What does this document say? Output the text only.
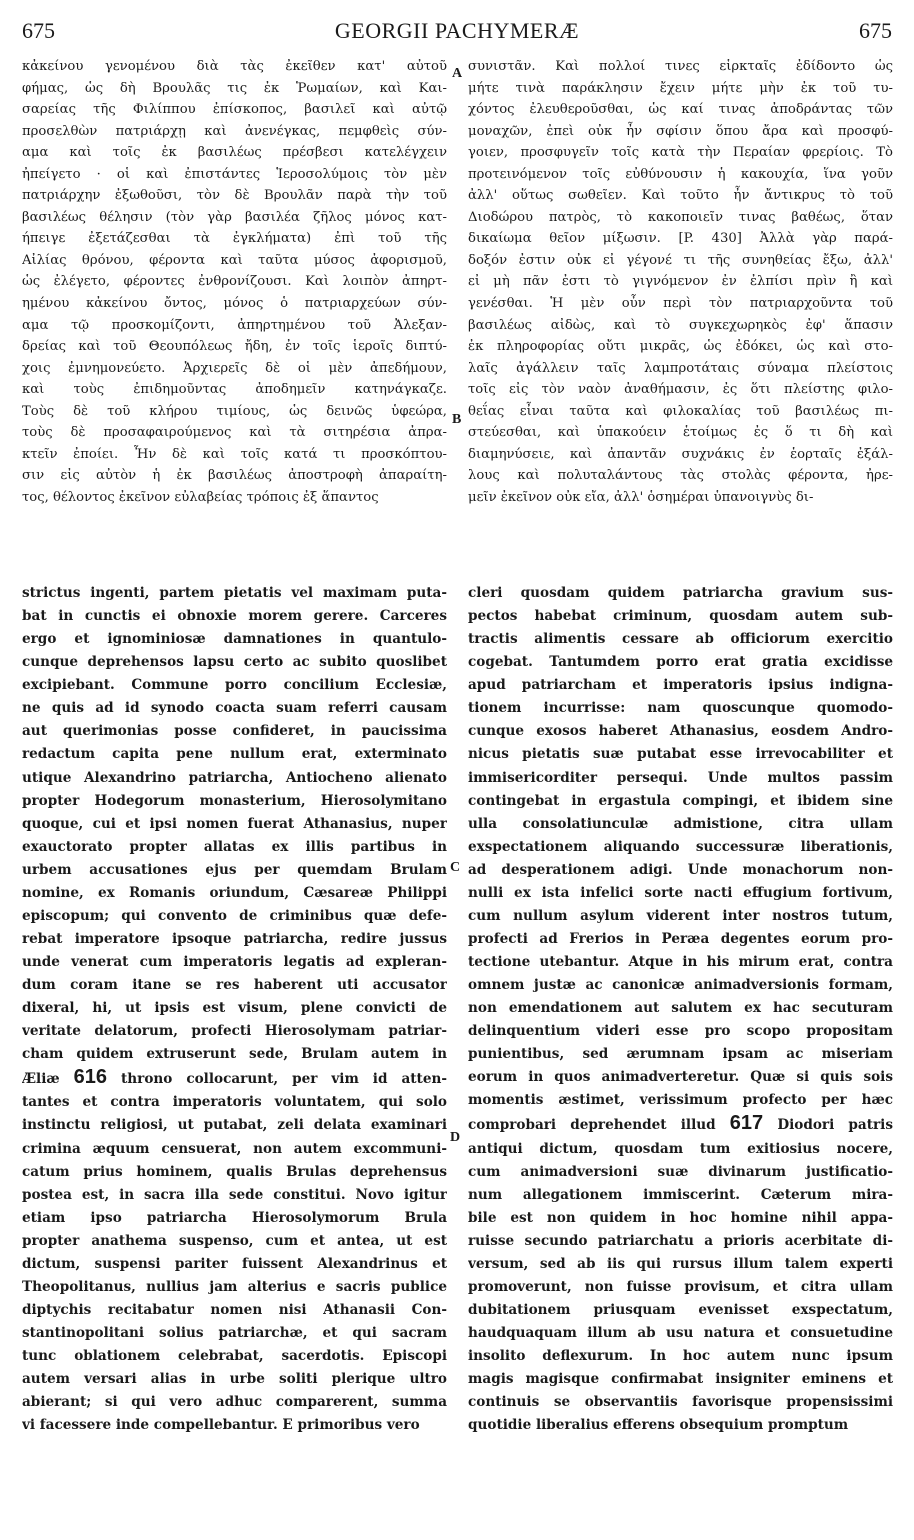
675	GEORGII PACHYMERÆ	675
A
B
C
D
κἀκείνου γενομένου διὰ τὰς ἐκεῖθεν κατ' αὐτοῦ
φήμας, ὡς δὴ Βρουλᾶς τις ἐκ Ῥωμαίων, καὶ Και-
σαρείας τῆς Φιλίππου ἐπίσκοπος, βασιλεῖ καὶ αὐτῷ
προσελθὼν πατριάρχῃ καὶ ἀνενέγκας, πεμφθεὶς σύν-
αμα καὶ τοῖς ἐκ βασιλέως πρέσβεσι κατελέγχειν
ἠπείγετο · οἱ καὶ ἐπιστάντες Ἱεροσολύμοις τὸν μὲν
πατριάρχην ἐξωθοῦσι, τὸν δὲ Βρουλᾶν παρὰ τὴν τοῦ
βασιλέως θέλησιν (τὸν γὰρ βασιλέα ζῆλος μόνος κατ-
ήπειγε ἐξετάζεσθαι τὰ ἐγκλήματα) ἐπὶ τοῦ τῆς
Αἰλίας θρόνου, φέροντα καὶ ταῦτα μύσος ἀφορισμοῦ,
ὡς ἐλέγετο, φέροντες ἐνθρονίζουσι. Καὶ λοιπὸν ἀπηρτ-
ημένου κἀκείνου ὄντος, μόνος ὁ πατριαρχεύων σύν-
αμα τῷ προσκομίζοντι, ἀπηρτημένου τοῦ Ἀλεξαν-
δρείας καὶ τοῦ Θεουπόλεως ἤδη, ἐν τοῖς ἱεροῖς διπτύ-
χοις ἐμνημονεύετο. Ἀρχιερεῖς δὲ οἱ μὲν ἀπεδήμουν,
καὶ τοὺς ἐπιδημοῦντας ἀποδημεῖν κατηνάγκαζε.
Τοὺς δὲ τοῦ κλήρου τιμίους, ὡς δεινῶς ὑφεώρα,
τοὺς δὲ προσαφαιρούμενος καὶ τὰ σιτηρέσια ἀπρα-
κτεῖν ἐποίει. Ἦν δὲ καὶ τοῖς κατά τι προσκόπτου-
σιν εἰς αὐτὸν ἡ ἐκ βασιλέως ἀποστροφὴ ἀπαραίτη-
τος, θέλοντος ἐκεῖνον εὐλαβείας τρόποις ἐξ ἅπαντος
συνιστᾶν. Καὶ πολλοί τινες εἱρκταῖς ἐδίδοντο ὡς
μήτε τινὰ παράκλησιν ἔχειν μήτε μὴν ἐκ τοῦ τυ-
χόντος ἐλευθεροῦσθαι, ὡς καί τινας ἀποδράντας τῶν
μοναχῶν, ἐπεὶ οὐκ ἦν σφίσιν ὅπου ἄρα καὶ προσφύ-
γοιεν, προσφυγεῖν τοῖς κατὰ τὴν Περαίαν φρερίοις. Τὸ
προτεινόμενον τοῖς εὐθύνουσιν ἡ κακουχία, ἵνα γοῦν
ἀλλ' οὕτως σωθεῖεν. Καὶ τοῦτο ἦν ἄντικρυς τὸ τοῦ
Διοδώρου πατρὸς, τὸ κακοποιεῖν τινας βαθέως, ὅταν
δικαίωμα θεῖον μίξωσιν. [P. 430] Ἀλλὰ γὰρ παρά-
δοξόν ἐστιν οὐκ εἰ γέγονέ τι τῆς συνηθείας ἔξω, ἀλλ'
εἰ μὴ πᾶν ἐστι τὸ γιγνόμενον ἐν ἐλπίσι πρὶν ἢ καὶ
γενέσθαι. Ἡ μὲν οὖν περὶ τὸν πατριαρχοῦντα τοῦ
βασιλέως αἰδὼς, καὶ τὸ συγκεχωρηκὸς ἐφ' ἅπασιν
ἐκ πληροφορίας οὔτι μικρᾶς, ὡς ἐδόκει, ὡς καὶ στο-
λαῖς ἀγάλλειν ταῖς λαμπροτάταις σύναμα πλείστοις
τοῖς εἰς τὸν ναὸν ἀναθήμασιν, ἐς ὅτι πλείστης φιλο-
θεΐας εἶναι ταῦτα καὶ φιλοκαλίας τοῦ βασιλέως πι-
στεύεσθαι, καὶ ὑπακούειν ἑτοίμως ἐς ὅ τι δὴ καὶ
διαμηνύσειε, καὶ ἀπαντᾶν συχνάκις ἐν ἑορταῖς ἐξάλ-
λους καὶ πολυταλάντους τὰς στολὰς φέροντα, ἠρε-
μεῖν ἐκεῖνον οὐκ εἴα, ἀλλ' ὁσημέραι ὑπανοιγνὺς δι-
strictus ingenti, partem pietatis vel maximam puta-
bat in cunctis ei obnoxie morem gerere. Carceres
ergo et ignominiosæ damnationes in quantulo-
cunque deprehensos lapsu certo ac subito quoslibet
excipiebant. Commune porro concilium Ecclesiæ,
ne quis ad id synodo coacta suam referri causam
aut querimonias posse confideret, in paucissima
redactum capita pene nullum erat, exterminato
utique Alexandrino patriarcha, Antiocheno alienato
propter Hodegorum monasterium, Hierosolymitano
quoque, cui et ipsi nomen fuerat Athanasius, nuper
exauctorato propter allatas ex illis partibus in
urbem accusationes ejus per quemdam Brulam
nomine, ex Romanis oriundum, Cæsareæ Philippi
episcopum; qui convento de criminibus quæ defe-
rebat imperatore ipsoque patriarcha, redire jussus
unde venerat cum imperatoris legatis ad expleran-
dum coram itane se res haberent uti accusator
dixeral, hi, ut ipsis est visum, plene convicti de
veritate delatorum, profecti Hierosolymam patriar-
cham quidem extruserunt sede, Brulam autem in
Æliæ 616 throno collocarunt, per vim id atten-
tantes et contra imperatoris voluntatem, qui solo
instinctu religiosi, ut putabat, zeli delata examinari
crimina æquum censuerat, non autem excommuni-
catum prius hominem, qualis Brulas deprehensus
postea est, in sacra illa sede constitui. Novo igitur
etiam ipso patriarcha Hierosolymorum Brula
propter anathema suspenso, cum et antea, ut est
dictum, suspensi pariter fuissent Alexandrinus et
Theopolitanus, nullius jam alterius e sacris publice
diptychis recitabatur nomen nisi Athanasii Con-
stantinopolitani solius patriarchæ, et qui sacram
tunc oblationem celebrabat, sacerdotis. Episcopi
autem versari alias in urbe soliti plerique ultro
abierant; si qui vero adhuc comparerent, summa
vi facessere inde compellebantur. E primoribus vero
cleri quosdam quidem patriarcha gravium sus-
pectos habebat criminum, quosdam autem sub-
tractis alimentis cessare ab officiorum exercitio
cogebat. Tantumdem porro erat gratia excidisse
apud patriarcham et imperatoris ipsius indigna-
tionem incurrisse: nam quoscunque quomodo-
cunque exosos haberet Athanasius, eosdem Andro-
nicus pietatis suæ putabat esse irrevocabiliter et
immisericorditer persequi. Unde multos passim
contingebat in ergastula compingi, et ibidem sine
ulla consolatiunculæ admistione, citra ullam
exspectationem aliquando successuræ liberationis,
ad desperationem adigi. Unde monachorum non-
nulli ex ista infelici sorte nacti effugium fortivum,
cum nullum asylum viderent inter nostros tutum,
profecti ad Frerios in Peræa degentes eorum pro-
tectione utebantur. Atque in his mirum erat, contra
omnem justæ ac canonicæ animadversionis formam,
non emendationem aut salutem ex hac secuturam
delinquentium videri esse pro scopo propositam
punientibus, sed ærumnam ipsam ac miseriam
eorum in quos animadverteretur. Quæ si quis sois
momentis æstimet, verissimum profecto per hæc
comprobari deprehendet illud 617 Diodori patris
antiqui dictum, quosdam tum exitiosius nocere,
cum animadversioni suæ divinarum justificatio-
num allegationem immiscerint. Cæterum mira-
bile est non quidem in hoc homine nihil appa-
ruisse secundo patriarchatu a prioris acerbitate di-
versum, sed ab iis qui rursus illum talem experti
promoverunt, non fuisse provisum, et citra ullam
dubitationem priusquam evenisset exspectatum,
haudquaquam illum ab usu natura et consuetudine
insolito deflexurum. In hoc autem nunc ipsum
magis magisque confirmabat insigniter eminens et
continuis se observantiis favorisque propensissimi
quotidie liberalius efferens obsequium promptum
